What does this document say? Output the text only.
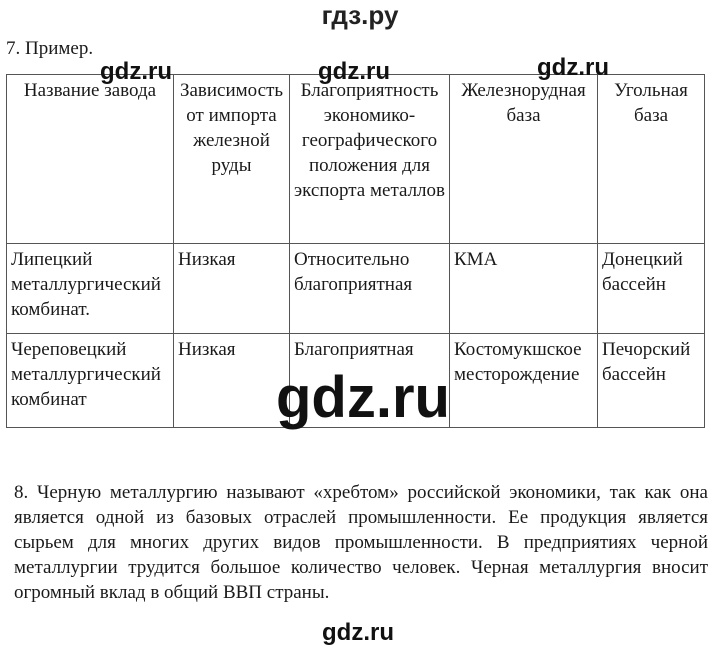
гдз.ру
7. Пример.
Название завода	Зависимость от импорта железной руды	Благоприятность экономико-географического положения для экспорта металлов	Железнорудная база	Угольная база
Липецкий металлургический комбинат.	Низкая	Относительно благоприятная	КМА	Донецкий бассейн
Череповецкий металлургический комбинат	Низкая	Благоприятная	Костомукшское месторождение	Печорский бассейн
8. Черную металлургию называют «хребтом» российской экономики, так как она является одной из базовых отраслей промышленности. Ее продукция является сырьем для многих других видов промышленности. В предприятиях черной металлургии трудится большое количество человек. Черная металлургия вносит огромный вклад в общий ВВП страны.
gdz.ru	gdz.ru	gdz.ru
gdz.ru
gdz.ru
